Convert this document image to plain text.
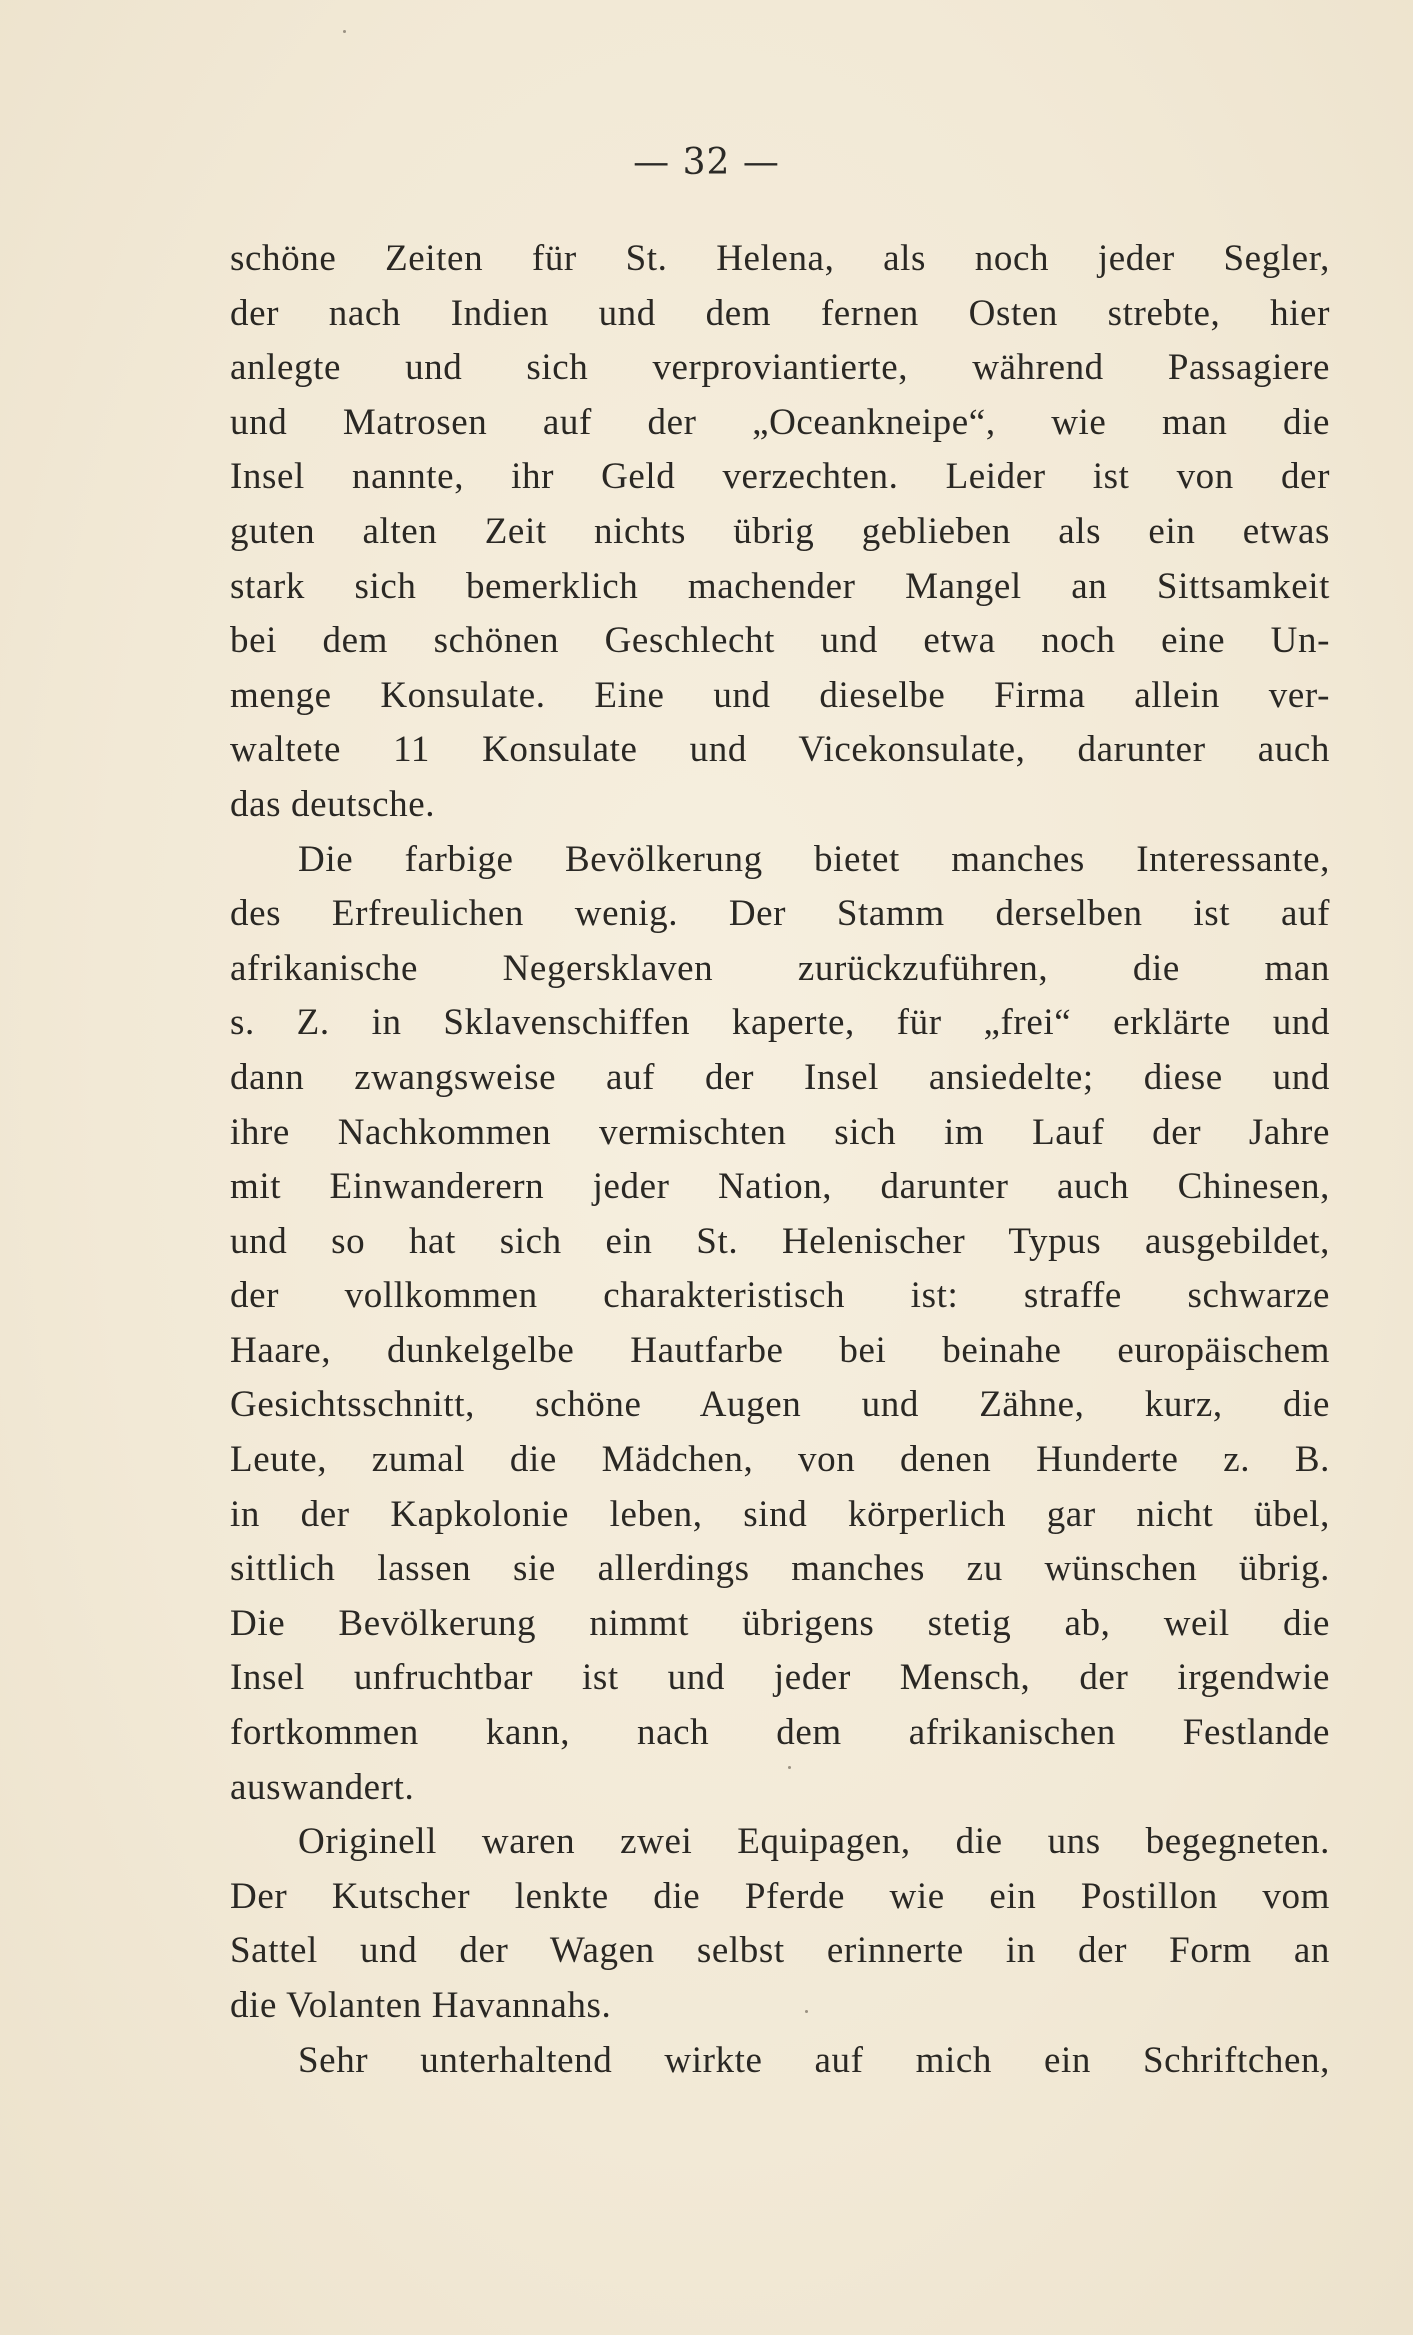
— 32 —
schöne Zeiten für St. Helena, als noch jeder Segler,
der nach Indien und dem fernen Osten strebte, hier
anlegte und sich verproviantierte, während Passagiere
und Matrosen auf der „Oceankneipe“, wie man die
Insel nannte, ihr Geld verzechten. Leider ist von der
guten alten Zeit nichts übrig geblieben als ein etwas
stark sich bemerklich machender Mangel an Sittsamkeit
bei dem schönen Geschlecht und etwa noch eine Un-
menge Konsulate. Eine und dieselbe Firma allein ver-
waltete 11 Konsulate und Vicekonsulate, darunter auch
das deutsche.
Die farbige Bevölkerung bietet manches Interessante,
des Erfreulichen wenig. Der Stamm derselben ist auf
afrikanische Negersklaven zurückzuführen, die man
s. Z. in Sklavenschiffen kaperte, für „frei“ erklärte und
dann zwangsweise auf der Insel ansiedelte; diese und
ihre Nachkommen vermischten sich im Lauf der Jahre
mit Einwanderern jeder Nation, darunter auch Chinesen,
und so hat sich ein St. Helenischer Typus ausgebildet,
der vollkommen charakteristisch ist: straffe schwarze
Haare, dunkelgelbe Hautfarbe bei beinahe europäischem
Gesichtsschnitt, schöne Augen und Zähne, kurz, die
Leute, zumal die Mädchen, von denen Hunderte z. B.
in der Kapkolonie leben, sind körperlich gar nicht übel,
sittlich lassen sie allerdings manches zu wünschen übrig.
Die Bevölkerung nimmt übrigens stetig ab, weil die
Insel unfruchtbar ist und jeder Mensch, der irgendwie
fortkommen kann, nach dem afrikanischen Festlande
auswandert.
Originell waren zwei Equipagen, die uns begegneten.
Der Kutscher lenkte die Pferde wie ein Postillon vom
Sattel und der Wagen selbst erinnerte in der Form an
die Volanten Havannahs.
Sehr unterhaltend wirkte auf mich ein Schriftchen,
